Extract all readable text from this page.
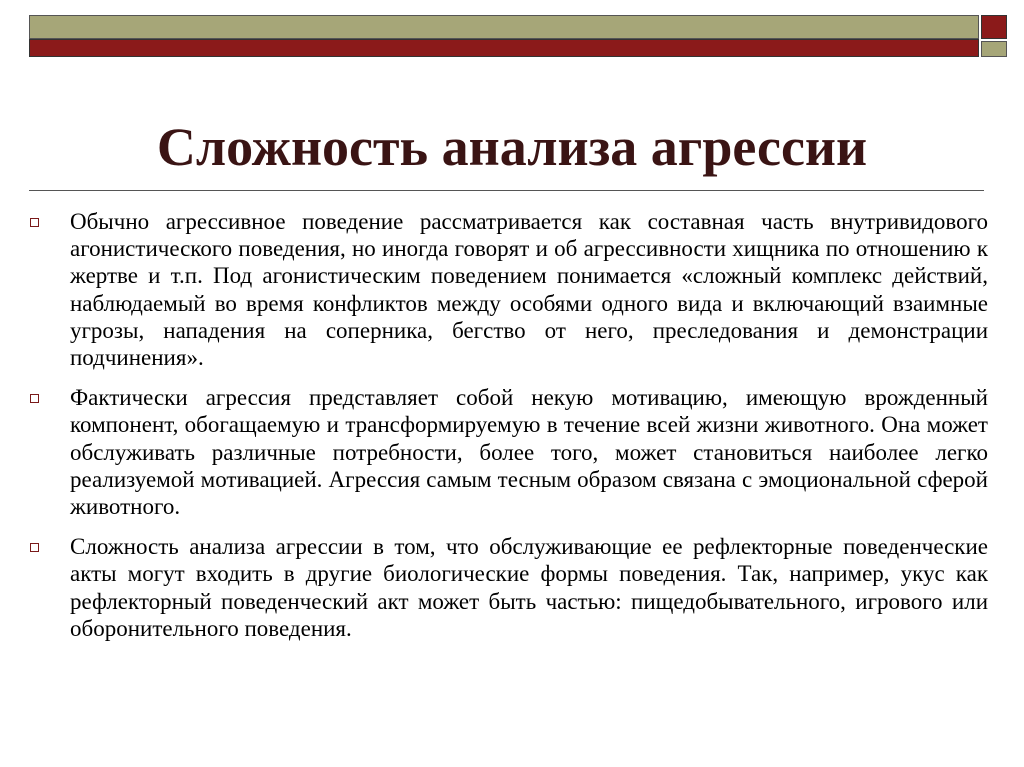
Сложность анализа агрессии
Обычно агрессивное поведение рассматривается как составная часть внутривидового агонистического поведения, но иногда говорят и об агрессивности хищника по отношению к жертве и т.п. Под агонистическим поведением понимается «сложный комплекс действий, наблюдаемый во время конфликтов между особями одного вида и включающий взаимные угрозы, нападения на соперника, бегство от него, преследования и демонстрации подчинения».
Фактически агрессия представляет собой некую мотивацию, имеющую врожденный компонент, обогащаемую и трансформируемую в течение всей жизни животного. Она может обслуживать различные потребности, более того, может становиться наиболее легко реализуемой мотивацией. Агрессия самым тесным образом связана с эмоциональной сферой животного.
Сложность анализа агрессии в том, что обслуживающие ее рефлекторные поведенческие акты могут входить в другие биологические формы поведения. Так, например, укус как рефлекторный поведенческий акт может быть частью: пищедобывательного, игрового или оборонительного поведения.
